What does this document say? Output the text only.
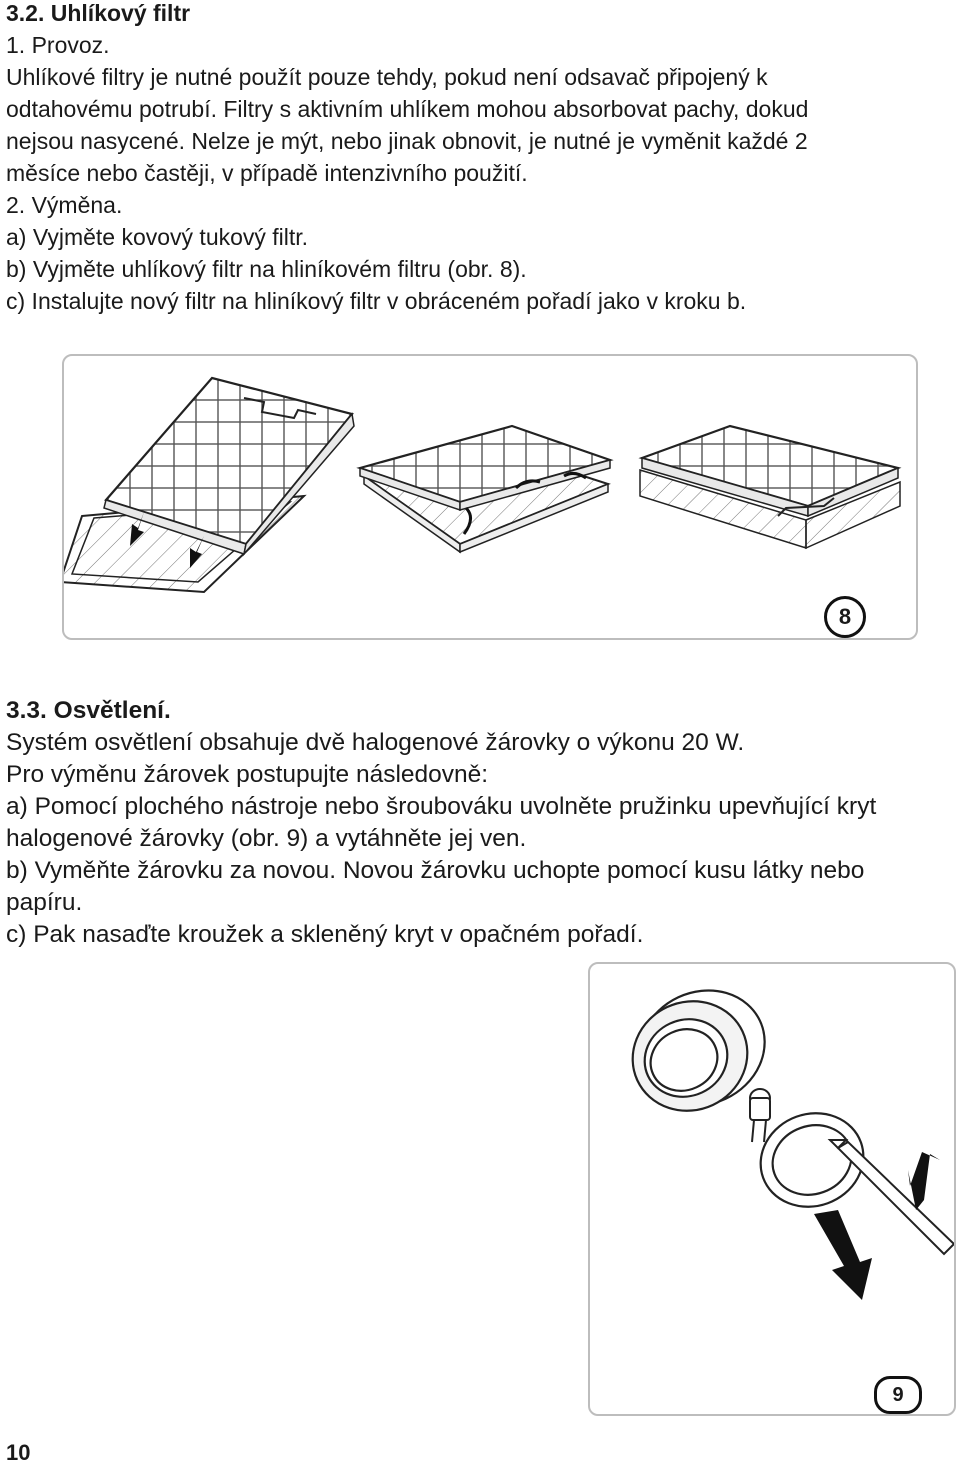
3.2. Uhlíkový filtr
1. Provoz.
Uhlíkové filtry je nutné použít pouze tehdy, pokud není odsavač připojený k
odtahovému potrubí. Filtry s aktivním uhlíkem mohou absorbovat pachy, dokud
nejsou nasycené. Nelze je mýt, nebo jinak obnovit, je nutné je vyměnit každé 2
měsíce nebo častěji, v případě intenzivního použití.
2. Výměna.
a) Vyjměte kovový tukový filtr.
b) Vyjměte uhlíkový filtr na hliníkovém filtru (obr. 8).
c) Instalujte nový filtr na hliníkový filtr v obráceném pořadí jako v kroku b.
8
3.3. Osvětlení.
Systém osvětlení obsahuje dvě halogenové žárovky o výkonu 20 W.
Pro výměnu žárovek postupujte následovně:
a) Pomocí plochého nástroje nebo šroubováku uvolněte pružinku upevňující kryt
halogenové žárovky (obr. 9) a vytáhněte jej ven.
b) Vyměňte žárovku za novou. Novou žárovku uchopte pomocí kusu látky nebo
papíru.
c) Pak nasaďte kroužek a skleněný kryt v opačném pořadí.
9
10
